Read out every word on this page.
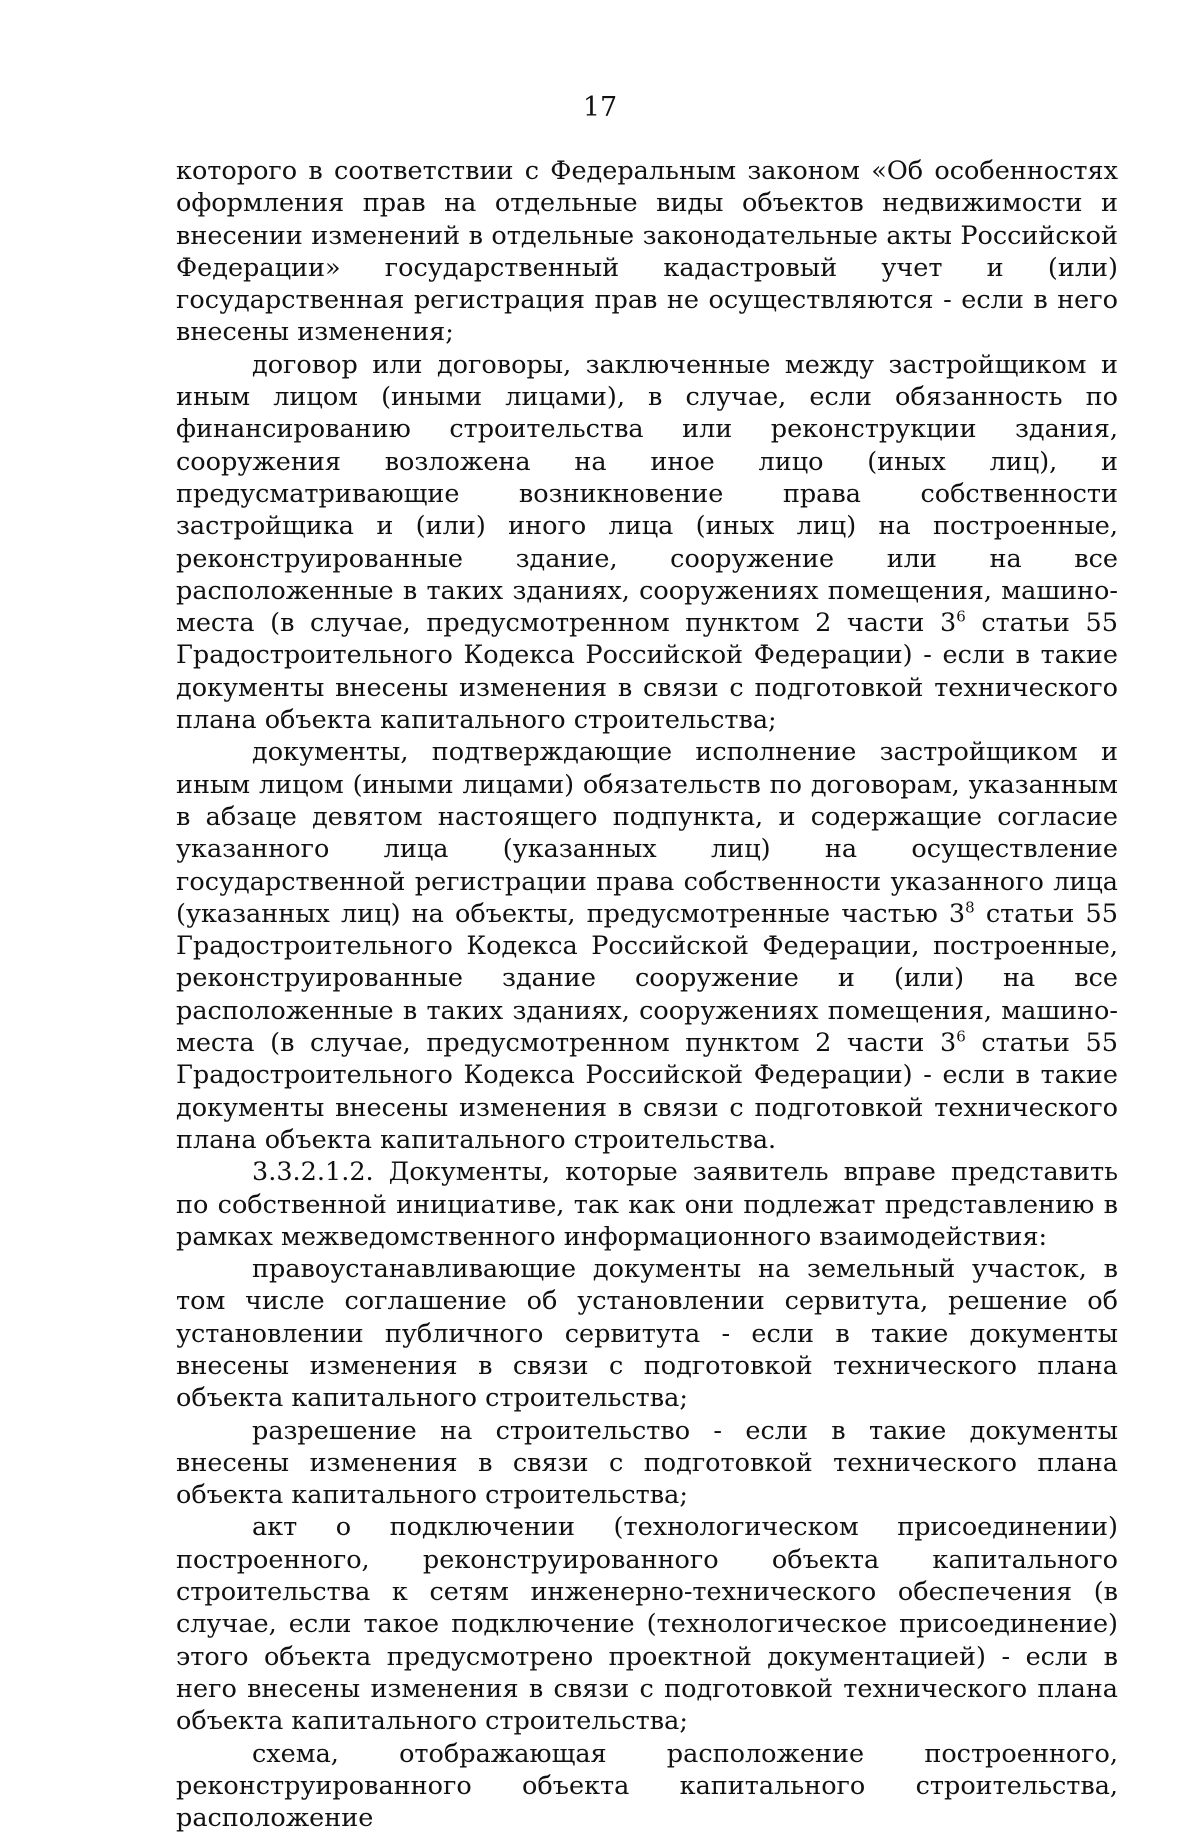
17

которого в соответствии с Федеральным законом «Об особенностях оформления прав на отдельные виды объектов недвижимости и внесении изменений в отдельные законодательные акты Российской Федерации» государственный кадастровый учет и (или) государственная регистрация прав не осуществляются - если в него внесены изменения;

договор или договоры, заключенные между застройщиком и иным лицом (иными лицами), в случае, если обязанность по финансированию строительства или реконструкции здания, сооружения возложена на иное лицо (иных лиц), и предусматривающие возникновение права собственности застройщика и (или) иного лица (иных лиц) на построенные, реконструированные здание, сооружение или на все расположенные в таких зданиях, сооружениях помещения, машино-места (в случае, предусмотренном пунктом 2 части $3^6$ статьи 55 Градостроительного Кодекса Российской Федерации) - если в такие документы внесены изменения в связи с подготовкой технического плана объекта капитального строительства;

документы, подтверждающие исполнение застройщиком и иным лицом (иными лицами) обязательств по договорам, указанным в абзаце девятом настоящего подпункта, и содержащие согласие указанного лица (указанных лиц) на осуществление государственной регистрации права собственности указанного лица (указанных лиц) на объекты, предусмотренные частью $3^8$ статьи 55 Градостроительного Кодекса Российской Федерации, построенные, реконструированные здание сооружение и (или) на все расположенные в таких зданиях, сооружениях помещения, машино-места (в случае, предусмотренном пунктом 2 части $3^6$ статьи 55 Градостроительного Кодекса Российской Федерации) - если в такие документы внесены изменения в связи с подготовкой технического плана объекта капитального строительства.

3.3.2.1.2. Документы, которые заявитель вправе представить по собственной инициативе, так как они подлежат представлению в рамках межведомственного информационного взаимодействия:

правоустанавливающие документы на земельный участок, в том числе соглашение об установлении сервитута, решение об установлении публичного сервитута - если в такие документы внесены изменения в связи с подготовкой технического плана объекта капитального строительства;

разрешение на строительство - если в такие документы внесены изменения в связи с подготовкой технического плана объекта капитального строительства;

акт о подключении (технологическом присоединении) построенного, реконструированного объекта капитального строительства к сетям инженерно-технического обеспечения (в случае, если такое подключение (технологическое присоединение) этого объекта предусмотрено проектной документацией) - если в него внесены изменения в связи с подготовкой технического плана объекта капитального строительства;

схема, отображающая расположение построенного, реконструированного объекта капитального строительства, расположение
